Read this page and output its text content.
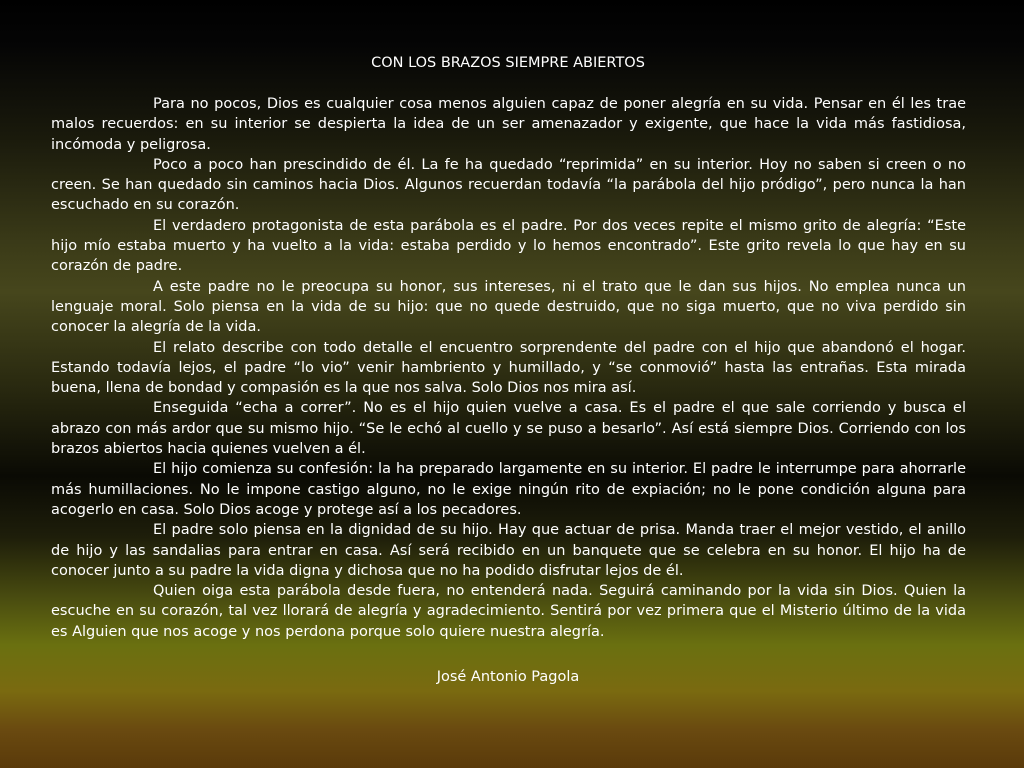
CON LOS BRAZOS SIEMPRE ABIERTOS

Para no pocos, Dios es cualquier cosa menos alguien capaz de poner alegría en su vida. Pensar en él les trae malos recuerdos: en su interior se despierta la idea de un ser amenazador y exigente, que hace la vida más fastidiosa, incómoda y peligrosa.

Poco a poco han prescindido de él. La fe ha quedado “reprimida” en su interior. Hoy no saben si creen o no creen. Se han quedado sin caminos hacia Dios. Algunos recuerdan todavía “la parábola del hijo pródigo”, pero nunca la han escuchado en su corazón.

El verdadero protagonista de esta parábola es el padre. Por dos veces repite el mismo grito de alegría: “Este hijo mío estaba muerto y ha vuelto a la vida: estaba perdido y lo hemos encontrado”. Este grito revela lo que hay en su corazón de padre.

A este padre no le preocupa su honor, sus intereses, ni el trato que le dan sus hijos. No emplea nunca un lenguaje moral. Solo piensa en la vida de su hijo: que no quede destruido, que no siga muerto, que no viva perdido sin conocer la alegría de la vida.

El relato describe con todo detalle el encuentro sorprendente del padre con el hijo que abandonó el hogar. Estando todavía lejos, el padre “lo vio” venir hambriento y humillado, y “se conmovió” hasta las entrañas. Esta mirada buena, llena de bondad y compasión es la que nos salva. Solo Dios nos mira así.

Enseguida “echa a correr”. No es el hijo quien vuelve a casa. Es el padre el que sale corriendo y busca el abrazo con más ardor que su mismo hijo. “Se le echó al cuello y se puso a besarlo”. Así está siempre Dios. Corriendo con los brazos abiertos hacia quienes vuelven a él.

El hijo comienza su confesión: la ha preparado largamente en su interior. El padre le interrumpe para ahorrarle más humillaciones. No le impone castigo alguno, no le exige ningún rito de expiación; no le pone condición alguna para acogerlo en casa. Solo Dios acoge y protege así a los pecadores.

El padre solo piensa en la dignidad de su hijo. Hay que actuar de prisa. Manda traer el mejor vestido, el anillo de hijo y las sandalias para entrar en casa. Así será recibido en un banquete que se celebra en su honor. El hijo ha de conocer junto a su padre la vida digna y dichosa que no ha podido disfrutar lejos de él.

Quien oiga esta parábola desde fuera, no entenderá nada. Seguirá caminando por la vida sin Dios. Quien la escuche en su corazón, tal vez llorará de alegría y agradecimiento. Sentirá por vez primera que el Misterio último de la vida es Alguien que nos acoge y nos perdona porque solo quiere nuestra alegría.

José Antonio Pagola
